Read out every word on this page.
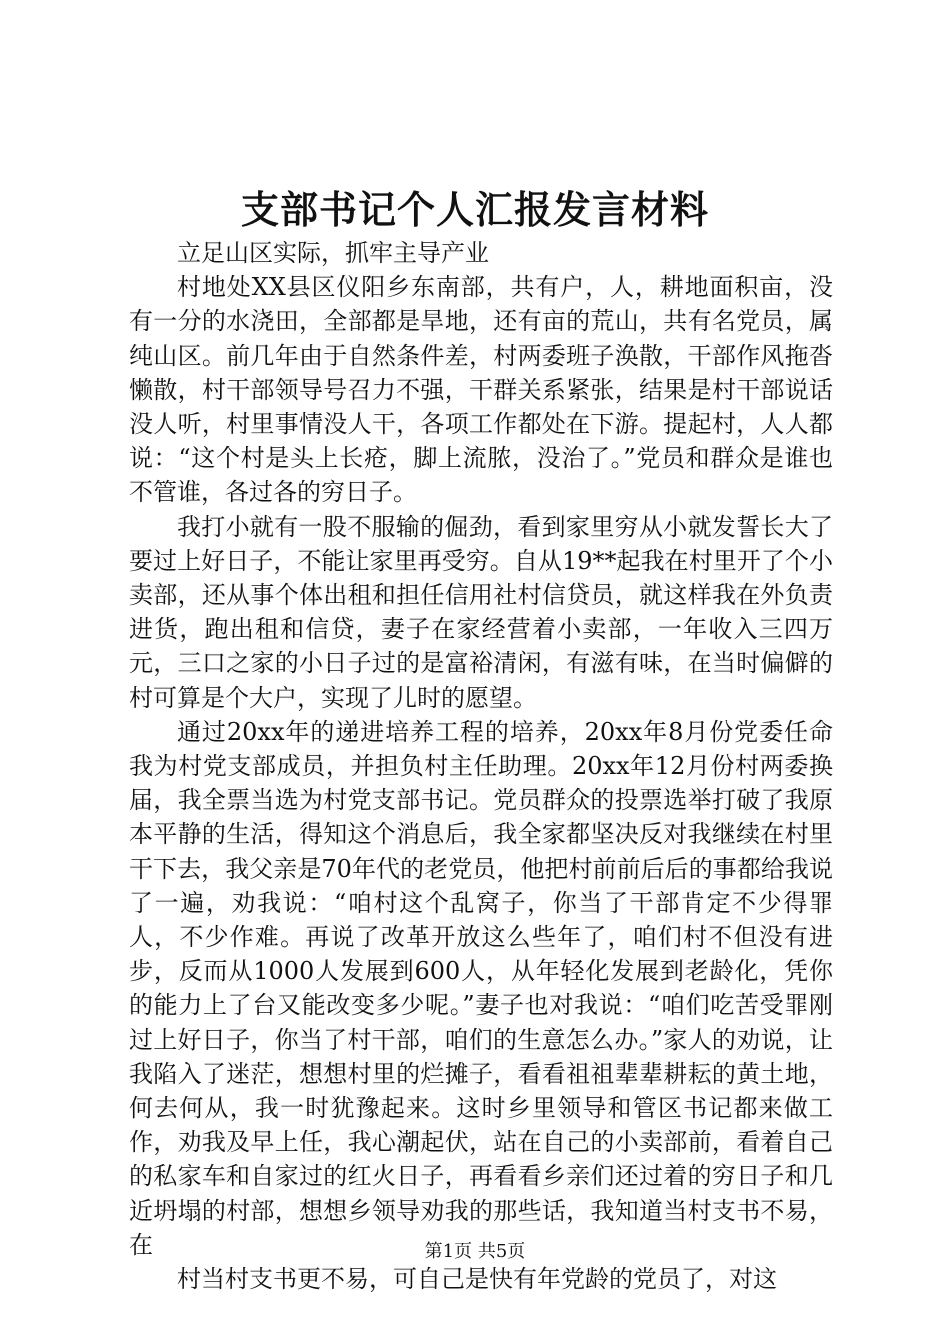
支部书记个人汇报发言材料

立足山区实际，抓牢主导产业

村地处XX县区仪阳乡东南部，共有户，人，耕地面积亩，没有一分的水浇田，全部都是旱地，还有亩的荒山，共有名党员，属纯山区。前几年由于自然条件差，村两委班子涣散，干部作风拖沓懒散，村干部领导号召力不强，干群关系紧张，结果是村干部说话没人听，村里事情没人干，各项工作都处在下游。提起村，人人都说：“这个村是头上长疮，脚上流脓，没治了。”党员和群众是谁也不管谁，各过各的穷日子。

我打小就有一股不服输的倔劲，看到家里穷从小就发誓长大了要过上好日子，不能让家里再受穷。自从19**起我在村里开了个小卖部，还从事个体出租和担任信用社村信贷员，就这样我在外负责进货，跑出租和信贷，妻子在家经营着小卖部，一年收入三四万元，三口之家的小日子过的是富裕清闲，有滋有味，在当时偏僻的村可算是个大户，实现了儿时的愿望。

通过20xx年的递进培养工程的培养，20xx年8月份党委任命我为村党支部成员，并担负村主任助理。20xx年12月份村两委换届，我全票当选为村党支部书记。党员群众的投票选举打破了我原本平静的生活，得知这个消息后，我全家都坚决反对我继续在村里干下去，我父亲是70年代的老党员，他把村前前后后的事都给我说了一遍，劝我说：“咱村这个乱窝子，你当了干部肯定不少得罪人，不少作难。再说了改革开放这么些年了，咱们村不但没有进步，反而从1000人发展到600人，从年轻化发展到老龄化，凭你的能力上了台又能改变多少呢。”妻子也对我说：“咱们吃苦受罪刚过上好日子，你当了村干部，咱们的生意怎么办。”家人的劝说，让我陷入了迷茫，想想村里的烂摊子，看看祖祖辈辈耕耘的黄土地，何去何从，我一时犹豫起来。这时乡里领导和管区书记都来做工作，劝我及早上任，我心潮起伏，站在自己的小卖部前，看着自己的私家车和自家过的红火日子，再看看乡亲们还过着的穷日子和几近坍塌的村部，想想乡领导劝我的那些话，我知道当村支书不易，在

村当村支书更不易，可自己是快有年党龄的党员了，对这

第1页 共5页
